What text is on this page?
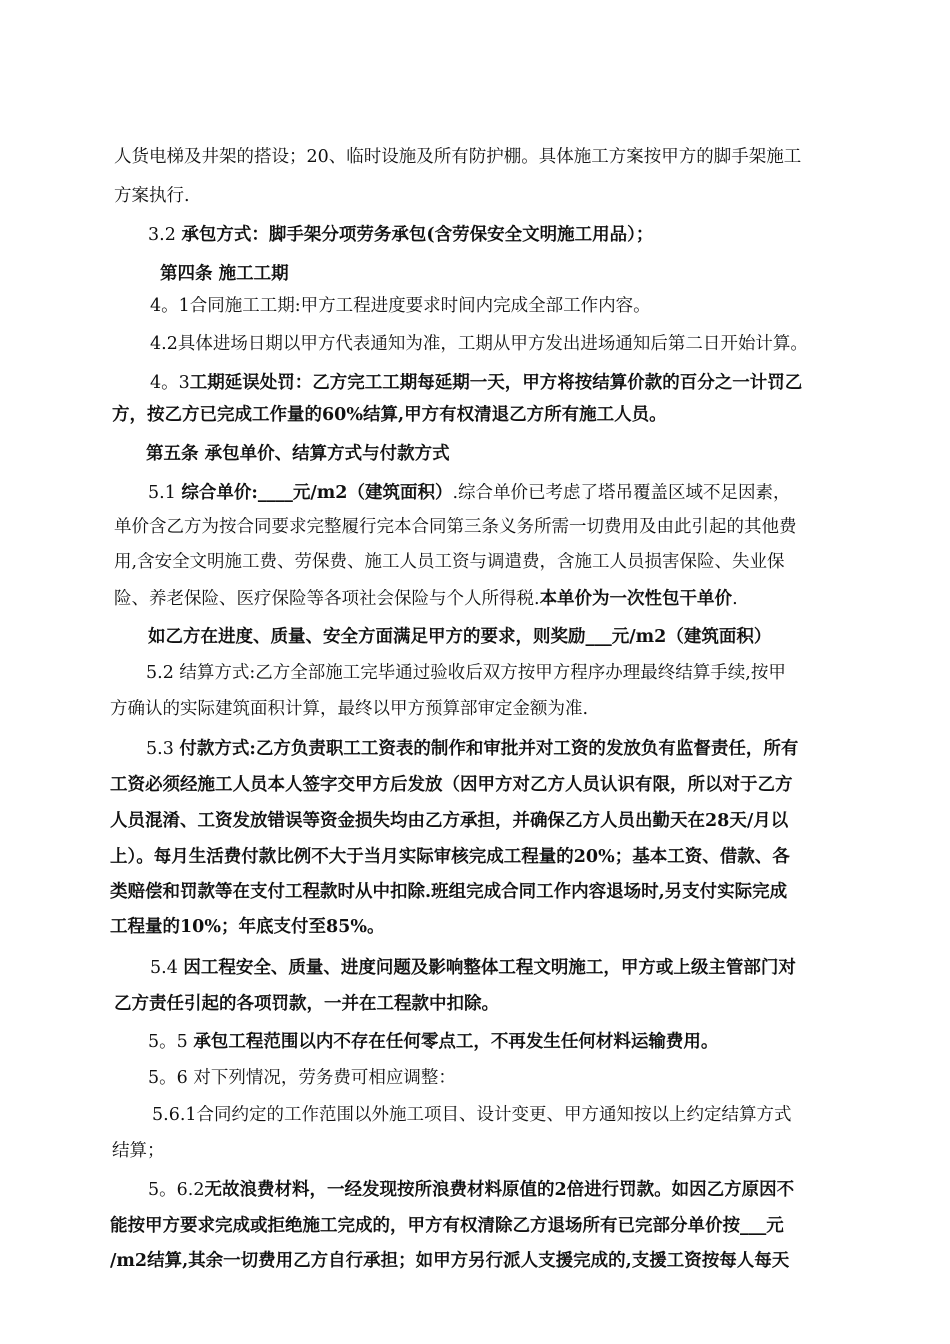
人货电梯及井架的搭设；20、临时设施及所有防护棚。具体施工方案按甲方的脚手架施工

方案执行.

3.2 承包方式：脚手架分项劳务承包(含劳保安全文明施工用品）；

第四条 施工工期

4。1合同施工工期:甲方工程进度要求时间内完成全部工作内容。

4.2具体进场日期以甲方代表通知为准，工期从甲方发出进场通知后第二日开始计算。

4。3工期延误处罚：乙方完工工期每延期一天，甲方将按结算价款的百分之一计罚乙

方，按乙方已完成工作量的60%结算,甲方有权清退乙方所有施工人员。

第五条 承包单价、结算方式与付款方式

5.1 综合单价:____元/m2（建筑面积）.综合单价已考虑了塔吊覆盖区域不足因素，

单价含乙方为按合同要求完整履行完本合同第三条义务所需一切费用及由此引起的其他费

用,含安全文明施工费、劳保费、施工人员工资与调遣费，含施工人员损害保险、失业保

险、养老保险、医疗保险等各项社会保险与个人所得税.本单价为一次性包干单价.

如乙方在进度、质量、安全方面满足甲方的要求，则奖励___元/m2（建筑面积）

5.2 结算方式:乙方全部施工完毕通过验收后双方按甲方程序办理最终结算手续,按甲

方确认的实际建筑面积计算，最终以甲方预算部审定金额为准.

5.3 付款方式:乙方负责职工工资表的制作和审批并对工资的发放负有监督责任，所有

工资必须经施工人员本人签字交甲方后发放（因甲方对乙方人员认识有限，所以对于乙方

人员混淆、工资发放错误等资金损失均由乙方承担，并确保乙方人员出勤天在28天/月以

上）。每月生活费付款比例不大于当月实际审核完成工程量的20%；基本工资、借款、各

类赔偿和罚款等在支付工程款时从中扣除.班组完成合同工作内容退场时,另支付实际完成

工程量的10%；年底支付至85%。

5.4 因工程安全、质量、进度问题及影响整体工程文明施工，甲方或上级主管部门对

乙方责任引起的各项罚款，一并在工程款中扣除。

5。5 承包工程范围以内不存在任何零点工，不再发生任何材料运输费用。

5。6 对下列情况，劳务费可相应调整：

5.6.1合同约定的工作范围以外施工项目、设计变更、甲方通知按以上约定结算方式

结算；

5。6.2无故浪费材料，一经发现按所浪费材料原值的2倍进行罚款。如因乙方原因不

能按甲方要求完成或拒绝施工完成的，甲方有权清除乙方退场所有已完部分单价按___元

/m2结算,其余一切费用乙方自行承担；如甲方另行派人支援完成的,支援工资按每人每天
